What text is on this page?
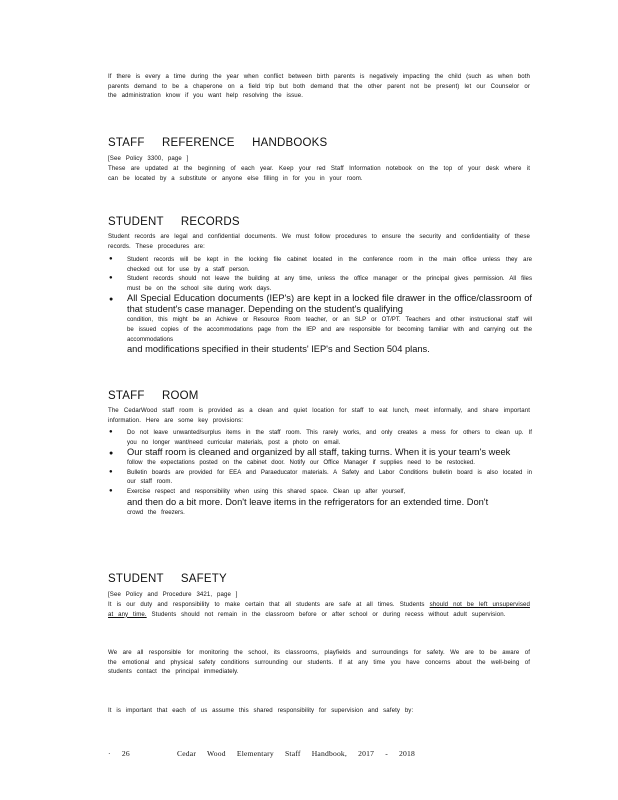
If there is every a time during the year when conflict between birth parents is negatively impacting the child (such as when both parents demand to be a chaperone on a field trip but both demand that the other parent not be present) let our Counselor or the administration know if you want help resolving the issue.

STAFF REFERENCE HANDBOOKS

[See Policy 3300, page ]

These are updated at the beginning of each year. Keep your red Staff Information notebook on the top of your desk where it can be located by a substitute or anyone else filling in for you in your room.

STUDENT RECORDS

Student records are legal and confidential documents. We must follow procedures to ensure the security and confidentiality of these records. These procedures are:

● Student records will be kept in the locking file cabinet located in the conference room in the main office unless they are checked out for use by a staff person.
● Student records should not leave the building at any time, unless the office manager or the principal gives permission. All files must be on the school site during work days.
● All Special Education documents (IEP's) are kept in a locked file drawer in the office/classroom of that student's case manager. Depending on the student's qualifying
condition, this might be an Achieve or Resource Room teacher, or an SLP or OT/PT. Teachers and other instructional staff will be issued copies of the accommodations page from the IEP and are responsible for becoming familiar with and carrying out the accommodations
and modifications specified in their students' IEP's and Section 504 plans.
STAFF ROOM

The CedarWood staff room is provided as a clean and quiet location for staff to eat lunch, meet informally, and share important information. Here are some key provisions:

● Do not leave unwanted/surplus items in the staff room. This rarely works, and only creates a mess for others to clean up. If you no longer want/need curricular materials, post a photo on email.
● Our staff room is cleaned and organized by all staff, taking turns. When it is your team's week
follow the expectations posted on the cabinet door. Notify our Office Manager if supplies need to be restocked.
● Bulletin boards are provided for EEA and Paraeducator materials. A Safety and Labor Conditions bulletin board is also located in our staff room.
● Exercise respect and responsibility when using this shared space. Clean up after yourself,
and then do a bit more. Don't leave items in the refrigerators for an extended time. Don't
crowd the freezers.
STUDENT SAFETY

[See Policy and Procedure 3421, page ]

It is our duty and responsibility to make certain that all students are safe at all times. Students should not be left unsupervised at any time. Students should not remain in the classroom before or after school or during recess without adult supervision.

We are all responsible for monitoring the school, its classrooms, playfields and surroundings for safety. We are to be aware of the emotional and physical safety conditions surrounding our students. If at any time you have concerns about the well-being of students contact the principal immediately.

It is important that each of us assume this shared responsibility for supervision and safety by:

· 26	Cedar Wood Elementary Staff Handbook, 2017 - 2018
